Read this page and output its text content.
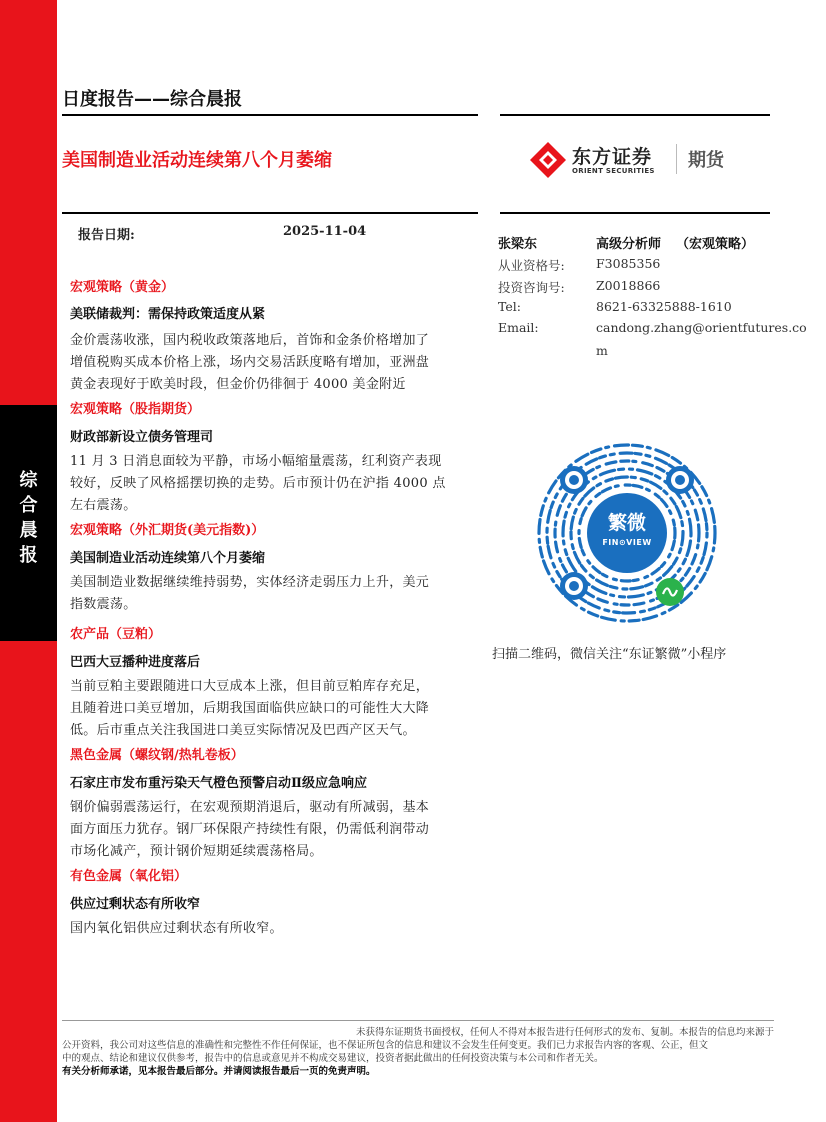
综
合
晨
报
日度报告——综合晨报
美国制造业活动连续第八个月萎缩	东方证券
ORIENT SECURITIES 期货
报告日期:	2025-11-04
张梁东	高级分析师 （宏观策略）
从业资格号:	F3085356
投资咨询号:	Z0018866
Tel:	8621-63325888-1610
Email:	candong.zhang@orientfutures.co
m
繁微
FIN⊙VIEW
扫描二维码，微信关注“东证繁微”小程序
宏观策略（黄金）
美联储裁判：需保持政策适度从紧
金价震荡收涨，国内税收政策落地后，首饰和金条价格增加了
增值税购买成本价格上涨，场内交易活跃度略有增加，亚洲盘
黄金表现好于欧美时段，但金价仍徘徊于 4000 美金附近
宏观策略（股指期货）
财政部新设立债务管理司
11 月 3 日消息面较为平静，市场小幅缩量震荡，红利资产表现
较好，反映了风格摇摆切换的走势。后市预计仍在沪指 4000 点
左右震荡。
宏观策略（外汇期货(美元指数)）
美国制造业活动连续第八个月萎缩
美国制造业数据继续维持弱势，实体经济走弱压力上升，美元
指数震荡。
农产品（豆粕）
巴西大豆播种进度落后
当前豆粕主要跟随进口大豆成本上涨，但目前豆粕库存充足，
且随着进口美豆增加，后期我国面临供应缺口的可能性大大降
低。后市重点关注我国进口美豆实际情况及巴西产区天气。
黑色金属（螺纹钢/热轧卷板）
石家庄市发布重污染天气橙色预警启动Ⅱ级应急响应
钢价偏弱震荡运行，在宏观预期消退后，驱动有所减弱，基本
面方面压力犹存。钢厂环保限产持续性有限，仍需低利润带动
市场化减产，预计钢价短期延续震荡格局。
有色金属（氧化铝）
供应过剩状态有所收窄
国内氧化铝供应过剩状态有所收窄。
未获得东证期货书面授权，任何人不得对本报告进行任何形式的发布、复制。本报告的信息均来源于
公开资料，我公司对这些信息的准确性和完整性不作任何保证，也不保证所包含的信息和建议不会发生任何变更。我们已力求报告内容的客观、公正，但文
中的观点、结论和建议仅供参考，报告中的信息或意见并不构成交易建议，投资者据此做出的任何投资决策与本公司和作者无关。
有关分析师承诺，见本报告最后部分。并请阅读报告最后一页的免责声明。
